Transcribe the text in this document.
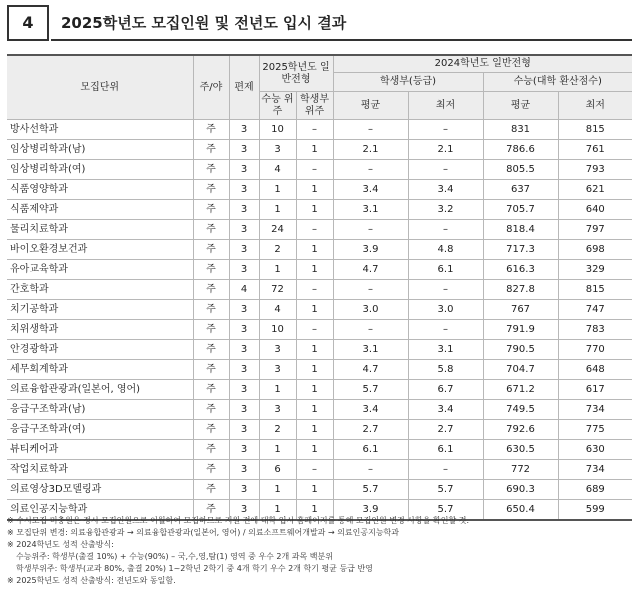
4	2025학년도 모집인원 및 전년도 입시 결과
모집단위	주/야	편제	2025학년도 일반전형		2024학년도 일반전형			
					학생부(등급)		수능(대학 환산점수)	
			수능 위주	학생부 위주	평균	최저	평균	최저
방사선학과	주	3	10	–	–	–	831	815
임상병리학과(남)	주	3	3	1	2.1	2.1	786.6	761
임상병리학과(여)	주	3	4	–	–	–	805.5	793
식품영양학과	주	3	1	1	3.4	3.4	637	621
식품제약과	주	3	1	1	3.1	3.2	705.7	640
물리치료학과	주	3	24	–	–	–	818.4	797
바이오환경보건과	주	3	2	1	3.9	4.8	717.3	698
유아교육학과	주	3	1	1	4.7	6.1	616.3	329
간호학과	주	4	72	–	–	–	827.8	815
치기공학과	주	3	4	1	3.0	3.0	767	747
치위생학과	주	3	10	–	–	–	791.9	783
안경광학과	주	3	3	1	3.1	3.1	790.5	770
세무회계학과	주	3	3	1	4.7	5.8	704.7	648
의료융합관광과(일본어, 영어)	주	3	1	1	5.7	6.7	671.2	617
응급구조학과(남)	주	3	3	1	3.4	3.4	749.5	734
응급구조학과(여)	주	3	2	1	2.7	2.7	792.6	775
뷰티케어과	주	3	1	1	6.1	6.1	630.5	630
작업치료학과	주	3	6	–	–	–	772	734
의료영상3D모델링과	주	3	1	1	5.7	5.7	690.3	689
의료인공지능학과	주	3	1	1	3.9	5.7	650.4	599
※ 수시모집 미충원은 정시 모집인원으로 이월하여 모집하므로 지원 전에 대학 입시 홈페이지를 통해 모집인원 변경 사항을 확인할 것.
※ 모집단위 변경: 의료융합관광과 → 의료융합관광과(일본어, 영어) / 의료소프트웨어개발과 → 의료인공지능학과
※ 2024학년도 성적 산출방식:
수능위주: 학생부(출결 10%) + 수능(90%) – 국,수,영,탐(1) 영역 중 우수 2개 과목 백분위
학생부위주: 학생부(교과 80%, 출결 20%) 1~2학년 2학기 중 4개 학기 우수 2개 학기 평균 등급 반영
※ 2025학년도 성적 산출방식: 전년도와 동일함.
